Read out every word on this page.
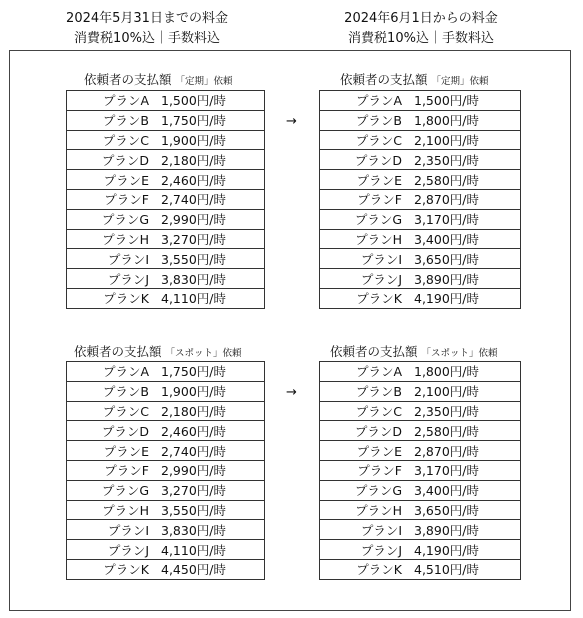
2024年5月31日までの料金
消費税10%込｜手数料込
2024年6月1日からの料金
消費税10%込｜手数料込
依頼者の支払額 「定期」依頼	依頼者の支払額 「定期」依頼
プランA 1,500円/時
プランB 1,750円/時
プランC 1,900円/時
プランD 2,180円/時
プランE 2,460円/時
プランF 2,740円/時
プランG 2,990円/時
プランH 3,270円/時
プランI 3,550円/時
プランJ 3,830円/時
プランK 4,110円/時
→
プランA 1,500円/時
プランB 1,800円/時
プランC 2,100円/時
プランD 2,350円/時
プランE 2,580円/時
プランF 2,870円/時
プランG 3,170円/時
プランH 3,400円/時
プランI 3,650円/時
プランJ 3,890円/時
プランK 4,190円/時
依頼者の支払額 「スポット」依頼	依頼者の支払額 「スポット」依頼
プランA 1,750円/時
プランB 1,900円/時
プランC 2,180円/時
プランD 2,460円/時
プランE 2,740円/時
プランF 2,990円/時
プランG 3,270円/時
プランH 3,550円/時
プランI 3,830円/時
プランJ 4,110円/時
プランK 4,450円/時
→
プランA 1,800円/時
プランB 2,100円/時
プランC 2,350円/時
プランD 2,580円/時
プランE 2,870円/時
プランF 3,170円/時
プランG 3,400円/時
プランH 3,650円/時
プランI 3,890円/時
プランJ 4,190円/時
プランK 4,510円/時
